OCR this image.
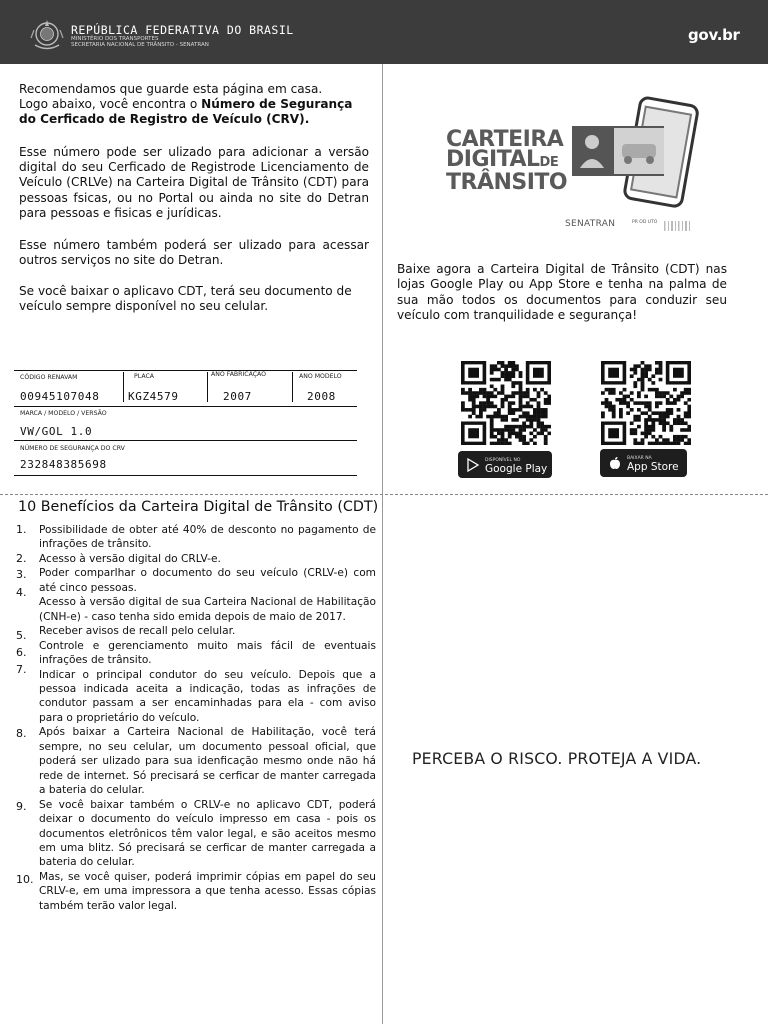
REPÚBLICA FEDERATIVA DO BRASIL
MINISTÉRIO DOS TRANSPORTES
SECRETARIA NACIONAL DE TRÂNSITO - SENATRAN
gov.br
Recomendamos que guarde esta página em casa.
Logo abaixo, você encontra o Número de Segurança do Cerficado de Registro de Veículo (CRV).
Esse número pode ser ulizado para adicionar a versão digital do seu Cerficado de Registrode Licenciamento de Veículo (CRLVe) na Carteira Digital de Trânsito (CDT) para pessoas fsicas, ou no Portal ou ainda no site do Detran para pessoas e fisicas e jurídicas.
Esse número também poderá ser ulizado para acessar outros serviços no site do Detran.
Se você baixar o aplicavo CDT, terá seu documento de veículo sempre disponível no seu celular.
CÓDIGO RENAVAM
00945107048
PLACA
KGZ4579
ANO FABRICAÇÃO
2007
ANO MODELO
2008
MARCA / MODELO / VERSÃO
VW/GOL 1.0
NÚMERO DE SEGURANÇA DO CRV
232848385698
CARTEIRA
DIGITALDE
TRÂNSITO
SENATRAN	PR OD UTO
Baixe agora a Carteira Digital de Trânsito (CDT) nas lojas Google Play ou App Store e tenha na palma de sua mão todos os documentos para conduzir seu veículo com tranquilidade e segurança!
DISPONÍVEL NO
Google Play
BAIXAR NA
App Store
10 Benefícios da Carteira Digital de Trânsito (CDT)
1.
2.
3.
4.
5.
6.
7.
8.
9.
10.

Possibilidade de obter até 40% de desconto no pagamento de infrações de trânsito.

Acesso à versão digital do CRLV-e.

Poder comparlhar o documento do seu veículo (CRLV-e) com até cinco pessoas.

Acesso à versão digital de sua Carteira Nacional de Habilitação (CNH-e) - caso tenha sido emida depois de maio de 2017.

Receber avisos de recall pelo celular.

Controle e gerenciamento muito mais fácil de eventuais infrações de trânsito.

Indicar o principal condutor do seu veículo. Depois que a pessoa indicada aceita a indicação, todas as infrações de condutor passam a ser encaminhadas para ela - com aviso para o proprietário do veículo.

Após baixar a Carteira Nacional de Habilitação, você terá sempre, no seu celular, um documento pessoal oficial, que poderá ser ulizado para sua idenficação mesmo onde não há rede de internet. Só precisará se cerficar de manter carregada a bateria do celular.

Se você baixar também o CRLV-e no aplicavo CDT, poderá deixar o documento do veículo impresso em casa - pois os documentos eletrônicos têm valor legal, e são aceitos mesmo em uma blitz. Só precisará se cerficar de manter carregada a bateria do celular.

Mas, se você quiser, poderá imprimir cópias em papel do seu CRLV-e, em uma impressora a que tenha acesso. Essas cópias também terão valor legal.

PERCEBA O RISCO. PROTEJA A VIDA.
